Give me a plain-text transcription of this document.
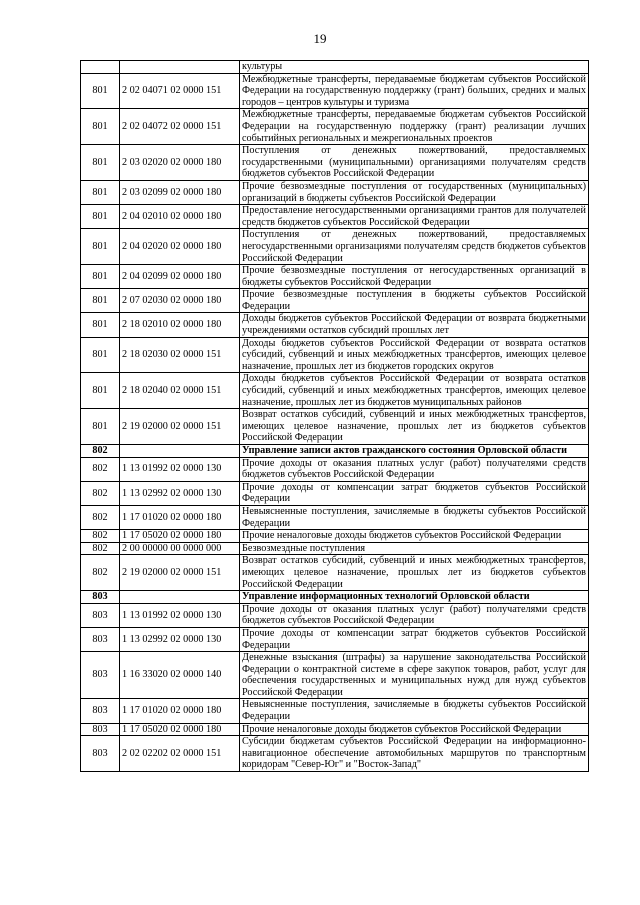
19
		культуры
801	2 02 04071 02 0000 151	Межбюджетные трансферты, передаваемые бюджетам субъектов Российской Федерации на государственную поддержку (грант) больших, средних и малых городов – центров культуры и туризма
801	2 02 04072 02 0000 151	Межбюджетные трансферты, передаваемые бюджетам субъектов Российской Федерации на государственную поддержку (грант) реализации лучших событийных региональных и межрегиональных проектов
801	2 03 02020 02 0000 180	Поступления от денежных пожертвований, предоставляемых государственными (муниципальными) организациями получателям средств бюджетов субъектов Российской Федерации
801	2 03 02099 02 0000 180	Прочие безвозмездные поступления от государственных (муниципальных) организаций в бюджеты субъектов Российской Федерации
801	2 04 02010 02 0000 180	Предоставление негосударственными организациями грантов для получателей средств бюджетов субъектов Российской Федерации
801	2 04 02020 02 0000 180	Поступления от денежных пожертвований, предоставляемых негосударственными организациями получателям средств бюджетов субъектов Российской Федерации
801	2 04 02099 02 0000 180	Прочие безвозмездные поступления от негосударственных организаций в бюджеты субъектов Российской Федерации
801	2 07 02030 02 0000 180	Прочие безвозмездные поступления в бюджеты субъектов Российской Федерации
801	2 18 02010 02 0000 180	Доходы бюджетов субъектов Российской Федерации от возврата бюджетными учреждениями остатков субсидий прошлых лет
801	2 18 02030 02 0000 151	Доходы бюджетов субъектов Российской Федерации от возврата остатков субсидий, субвенций и иных межбюджетных трансфертов, имеющих целевое назначение, прошлых лет из бюджетов городских округов
801	2 18 02040 02 0000 151	Доходы бюджетов субъектов Российской Федерации от возврата остатков субсидий, субвенций и иных межбюджетных трансфертов, имеющих целевое назначение, прошлых лет из бюджетов муниципальных районов
801	2 19 02000 02 0000 151	Возврат остатков субсидий, субвенций и иных межбюджетных трансфертов, имеющих целевое назначение, прошлых лет из бюджетов субъектов Российской Федерации
802		Управление записи актов гражданского состояния Орловской области
802	1 13 01992 02 0000 130	Прочие доходы от оказания платных услуг (работ) получателями средств бюджетов субъектов Российской Федерации
802	1 13 02992 02 0000 130	Прочие доходы от компенсации затрат бюджетов субъектов Российской Федерации
802	1 17 01020 02 0000 180	Невыясненные поступления, зачисляемые в бюджеты субъектов Российской Федерации
802	1 17 05020 02 0000 180	Прочие неналоговые доходы бюджетов субъектов Российской Федерации
802	2 00 00000 00 0000 000	Безвозмездные поступления
802	2 19 02000 02 0000 151	Возврат остатков субсидий, субвенций и иных межбюджетных трансфертов, имеющих целевое назначение, прошлых лет из бюджетов субъектов Российской Федерации
803		Управление информационных технологий Орловской области
803	1 13 01992 02 0000 130	Прочие доходы от оказания платных услуг (работ) получателями средств бюджетов субъектов Российской Федерации
803	1 13 02992 02 0000 130	Прочие доходы от компенсации затрат бюджетов субъектов Российской Федерации
803	1 16 33020 02 0000 140	Денежные взыскания (штрафы) за нарушение законодательства Российской Федерации о контрактной системе в сфере закупок товаров, работ, услуг для обеспечения государственных и муниципальных нужд для нужд субъектов Российской Федерации
803	1 17 01020 02 0000 180	Невыясненные поступления, зачисляемые в бюджеты субъектов Российской Федерации
803	1 17 05020 02 0000 180	Прочие неналоговые доходы бюджетов субъектов Российской Федерации
803	2 02 02202 02 0000 151	Субсидии бюджетам субъектов Российской Федерации на информационно-навигационное обеспечение автомобильных маршрутов по транспортным коридорам "Север-Юг" и "Восток-Запад"
